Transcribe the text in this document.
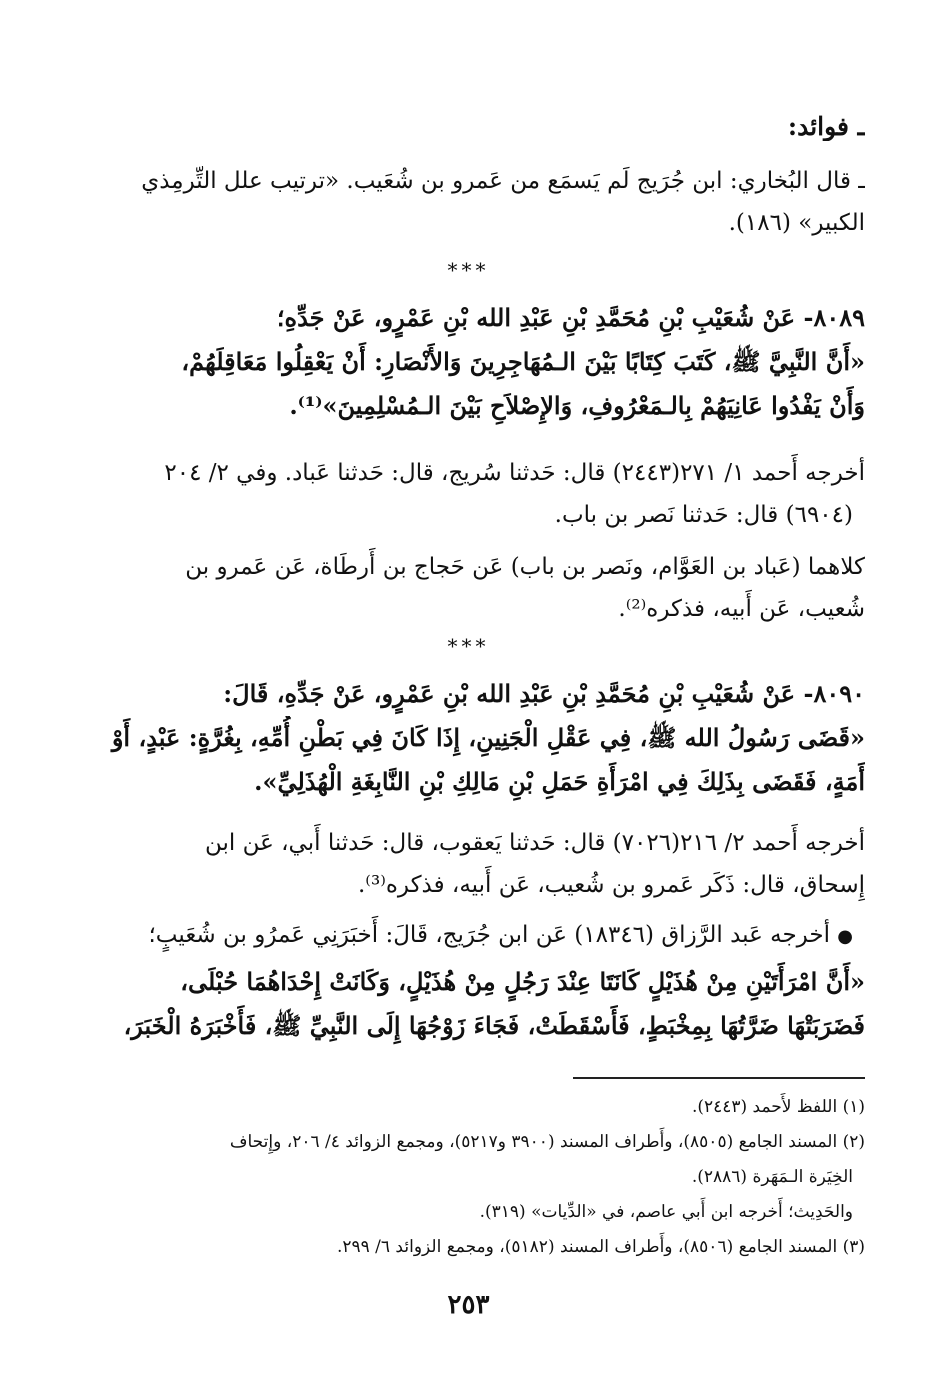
ـ فوائد:
ـ قال البُخاري: ابن جُرَيج لَم يَسمَع من عَمرو بن شُعَيب. «ترتيب علل التِّرمِذي
الكبير» (١٨٦).
***
٨٠٨٩- عَنْ شُعَيْبِ بْنِ مُحَمَّدِ بْنِ عَبْدِ الله بْنِ عَمْرٍو، عَنْ جَدِّهِ؛
«أَنَّ النَّبِيَّ ﷺ، كَتَبَ كِتَابًا بَيْنَ الـمُهَاجِرِينَ وَالأَنْصَارِ: أَنْ يَعْقِلُوا مَعَاقِلَهُمْ،
وَأَنْ يَفْدُوا عَانِيَهُمْ بِالـمَعْرُوفِ، وَالإِصْلاَحِ بَيْنَ الـمُسْلِمِينَ»⁽¹⁾.
أخرجه أَحمد ١/ ٢٧١(٢٤٤٣) قال: حَدثنا سُريج، قال: حَدثنا عَباد. وفي ٢/ ٢٠٤
(٦٩٠٤) قال: حَدثنا نَصر بن باب.
كلاهما (عَباد بن العَوَّام، ونَصر بن باب) عَن حَجاج بن أَرطَاة، عَن عَمرو بن
شُعيب، عَن أَبيه، فذكره⁽²⁾.
***
٨٠٩٠- عَنْ شُعَيْبِ بْنِ مُحَمَّدِ بْنِ عَبْدِ الله بْنِ عَمْرٍو، عَنْ جَدِّهِ، قَالَ:
«قَضَى رَسُولُ الله ﷺ، فِي عَقْلِ الْجَنِينِ، إِذَا كَانَ فِي بَطْنِ أُمِّهِ، بِغُرَّةٍ: عَبْدٍ، أَوْ
أَمَةٍ، فَقَضَى بِذَلِكَ فِي امْرَأَةِ حَمَلِ بْنِ مَالِكِ بْنِ النَّابِغَةِ الْهُذَلِيِّ».
أخرجه أَحمد ٢/ ٢١٦(٧٠٢٦) قال: حَدثنا يَعقوب، قال: حَدثنا أَبي، عَن ابن
إِسحاق، قال: ذَكَر عَمرو بن شُعيب، عَن أَبيه، فذكره⁽³⁾.
● أخرجه عَبد الرَّزاق (١٨٣٤٦) عَن ابن جُرَيج، قَالَ: أَخبَرَنِي عَمرُو بن شُعَيبٍ؛
«أَنَّ امْرَأَتَيْنِ مِنْ هُذَيْلٍ كَانَتَا عِنْدَ رَجُلٍ مِنْ هُذَيْلٍ، وَكَانَتْ إِحْدَاهُمَا حُبْلَى،
فَضَرَبَتْهَا ضَرَّتُهَا بِمِخْبَطٍ، فَأَسْقَطَتْ، فَجَاءَ زَوْجُهَا إِلَى النَّبِيِّ ﷺ، فَأَخْبَرَهُ الْخَبَرَ،
(١) اللفظ لأَحمد (٢٤٤٣).
(٢) المسند الجامع (٨٥٠٥)، وأَطراف المسند (٣٩٠٠ و٥٢١٧)، ومجمع الزوائد ٤/ ٢٠٦، وإِتحاف
الخِيَرة الـمَهَرة (٢٨٨٦).
والحَدِيث؛ أَخرجه ابن أَبي عاصم، في «الدِّيات» (٣١٩).
(٣) المسند الجامع (٨٥٠٦)، وأَطراف المسند (٥١٨٢)، ومجمع الزوائد ٦/ ٢٩٩.
٢٥٣
